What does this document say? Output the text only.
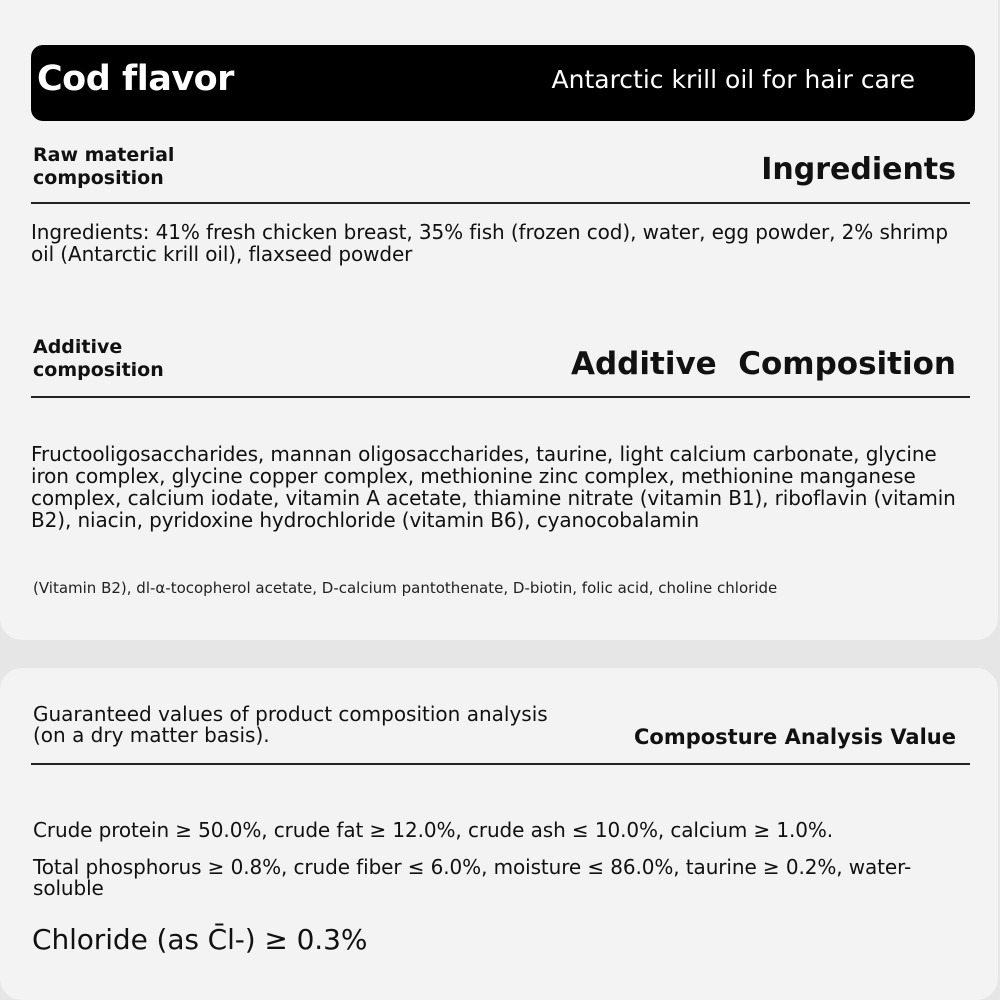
Cod flavor	Antarctic krill oil for hair care
Raw material composition	Ingredients
Ingredients: 41% fresh chicken breast, 35% fish (frozen cod), water, egg powder, 2% shrimp oil (Antarctic krill oil), flaxseed powder
Additive composition	Additive  Composition
Fructooligosaccharides, mannan oligosaccharides, taurine, light calcium carbonate, glycine iron complex, glycine copper complex, methionine zinc complex, methionine manganese complex, calcium iodate, vitamin A acetate, thiamine nitrate (vitamin B1), riboflavin (vitamin B2), niacin, pyridoxine hydrochloride (vitamin B6), cyanocobalamin
(Vitamin B2), dl-α-tocopherol acetate, D-calcium pantothenate, D-biotin, folic acid, choline chloride
Guaranteed values of product composition analysis (on a dry matter basis).	Composture Analysis Value
Crude protein ≥ 50.0%, crude fat ≥ 12.0%, crude ash ≤ 10.0%, calcium ≥ 1.0%.
Total phosphorus ≥ 0.8%, crude fiber ≤ 6.0%, moisture ≤ 86.0%, taurine ≥ 0.2%, water-soluble
Chloride (as C̄l-) ≥ 0.3%
